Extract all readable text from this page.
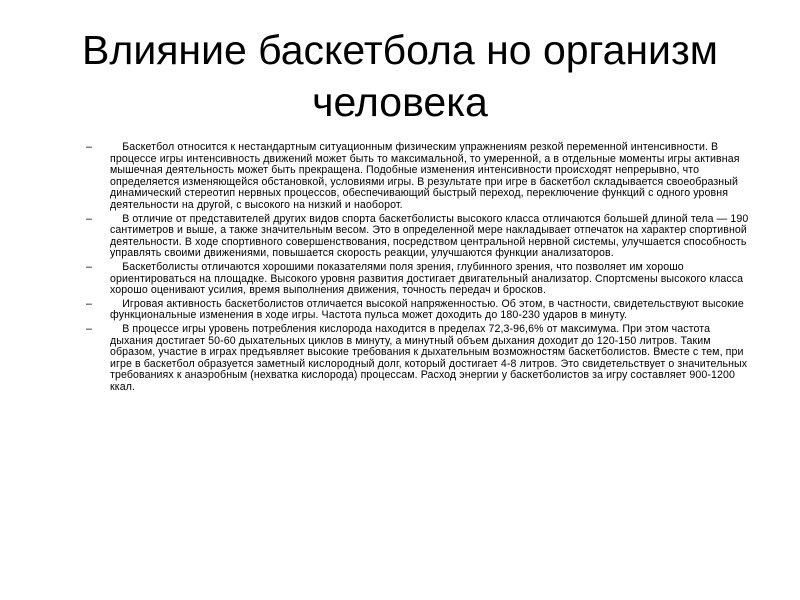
Влияние баскетбола но организм человека
– Баскетбол относится к нестандартным ситуационным физическим упражнениям резкой переменной интенсивности. В процессе игры интенсивность движений может быть то максимальной, то умеренной, а в отдельные моменты игры активная мышечная деятельность может быть прекращена. Подобные изменения интенсивности происходят непрерывно, что определяется изменяющейся обстановкой, условиями игры. В результате при игре в баскетбол складывается своеобразный динамический стереотип нервных процессов, обеспечивающий быстрый переход, переключение функций с одного уровня деятельности на другой, с высокого на низкий и наоборот.
– В отличие от представителей других видов спорта баскетболисты высокого класса отличаются большей длиной тела — 190 сантиметров и выше, а также значительным весом. Это в определенной мере накладывает отпечаток на характер спортивной деятельности. В ходе спортивного совершенствования, посредством центральной нервной системы, улучшается способность управлять своими движениями, повышается скорость реакции, улучшаются функции анализаторов.
– Баскетболисты отличаются хорошими показателями поля зрения, глубинного зрения, что позволяет им хорошо ориентироваться на площадке. Высокого уровня развития достигает двигательный анализатор. Спортсмены высокого класса хорошо оценивают усилия, время выполнения движения, точность передач и бросков.
– Игровая активность баскетболистов отличается высокой напряженностью. Об этом, в частности, свидетельствуют высокие функциональные изменения в ходе игры. Частота пульса может доходить до 180-230 ударов в минуту.
– В процессе игры уровень потребления кислорода находится в пределах 72,3-96,6% от максимума. При этом частота дыхания достигает 50-60 дыхательных циклов в минуту, а минутный объем дыхания доходит до 120-150 литров. Таким образом, участие в играх предъявляет высокие требования к дыхательным возможностям баскетболистов. Вместе с тем, при игре в баскетбол образуется заметный кислородный долг, который достигает 4-8 литров. Это свидетельствует о значительных требованиях к анаэробным (нехватка кислорода) процессам. Расход энергии у баскетболистов за игру составляет 900-1200 ккал.
